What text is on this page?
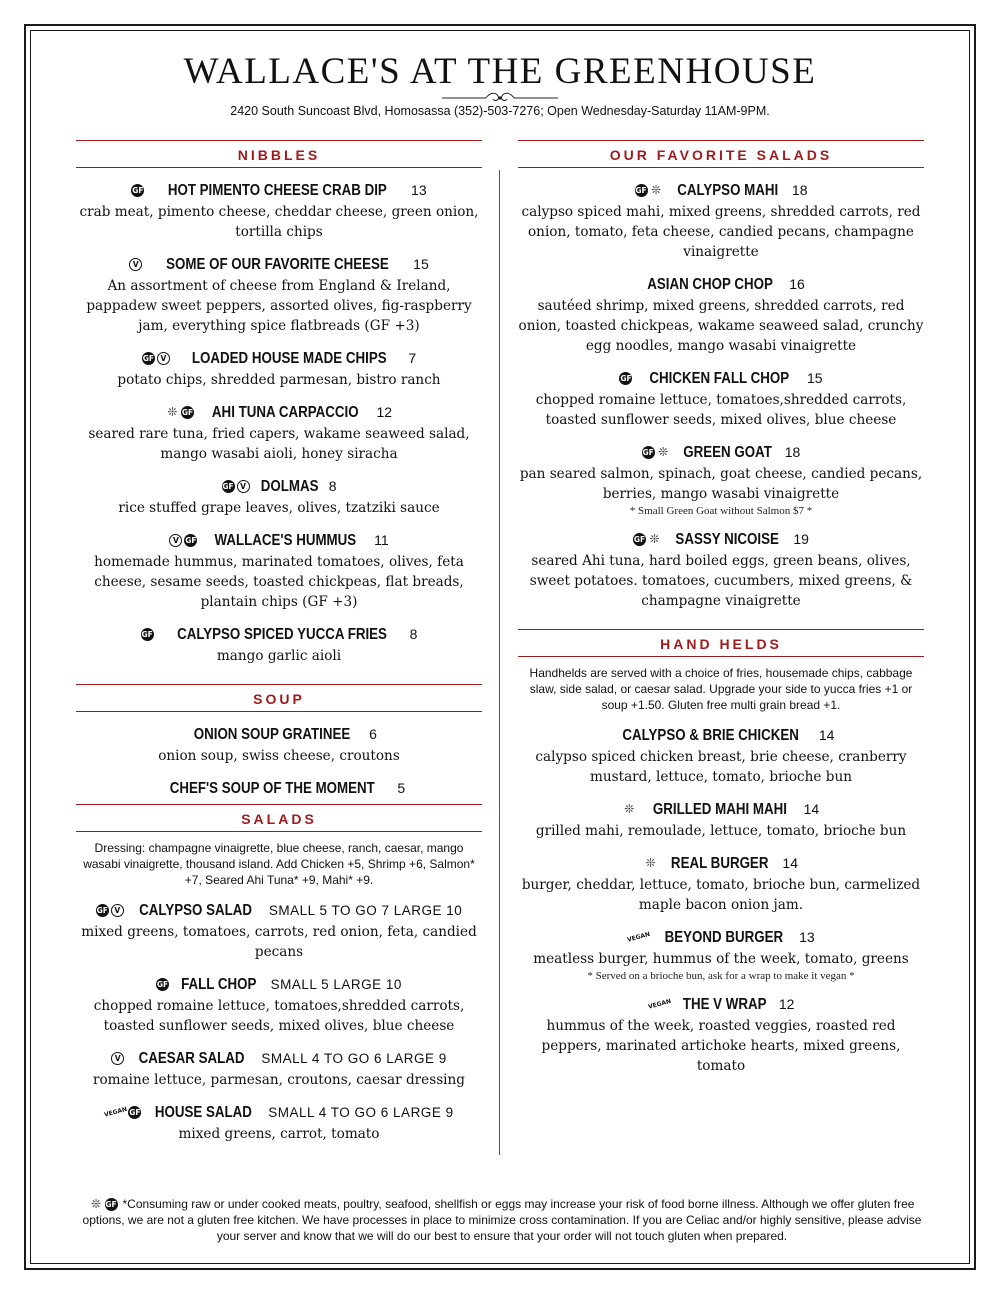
WALLACE'S AT THE GREENHOUSE
2420 South Suncoast Blvd, Homosassa (352)-503-7276; Open Wednesday-Saturday 11AM-9PM.
NIBBLES
GF HOT PIMENTO CHEESE CRAB DIP 13
crab meat, pimento cheese, cheddar cheese, green onion, tortilla chips
V SOME OF OUR FAVORITE CHEESE 15
An assortment of cheese from England & Ireland, pappadew sweet peppers, assorted olives, fig-raspberry jam, everything spice flatbreads (GF +3)
GF V LOADED HOUSE MADE CHIPS 7
potato chips, shredded parmesan, bistro ranch
❊ GF AHI TUNA CARPACCIO 12
seared rare tuna, fried capers, wakame seaweed salad, mango wasabi aioli, honey siracha
GF V DOLMAS 8
rice stuffed grape leaves, olives, tzatziki sauce
V GF WALLACE'S HUMMUS 11
homemade hummus, marinated tomatoes, olives, feta cheese, sesame seeds, toasted chickpeas, flat breads, plantain chips (GF +3)
GF CALYPSO SPICED YUCCA FRIES 8
mango garlic aioli
SOUP
ONION SOUP GRATINEE 6
onion soup, swiss cheese, croutons
CHEF'S SOUP OF THE MOMENT 5
SALADS
Dressing: champagne vinaigrette, blue cheese, ranch, caesar, mango wasabi vinaigrette, thousand island. Add Chicken +5, Shrimp +6, Salmon* +7, Seared Ahi Tuna* +9, Mahi* +9.
GF V CALYPSO SALAD SMALL 5 TO GO 7 LARGE 10
mixed greens, tomatoes, carrots, red onion, feta, candied pecans
GF FALL CHOP SMALL 5 LARGE 10
chopped romaine lettuce, tomatoes,shredded carrots, toasted sunflower seeds, mixed olives, blue cheese
V CAESAR SALAD SMALL 4 TO GO 6 LARGE 9
romaine lettuce, parmesan, croutons, caesar dressing
VEGANGF HOUSE SALAD SMALL 4 TO GO 6 LARGE 9
mixed greens, carrot, tomato
OUR FAVORITE SALADS
GF ❊ CALYPSO MAHI 18
calypso spiced mahi, mixed greens, shredded carrots, red onion, tomato, feta cheese, candied pecans, champagne vinaigrette
ASIAN CHOP CHOP 16
sautéed shrimp, mixed greens, shredded carrots, red onion, toasted chickpeas, wakame seaweed salad, crunchy egg noodles, mango wasabi vinaigrette
GF CHICKEN FALL CHOP 15
chopped romaine lettuce, tomatoes,shredded carrots, toasted sunflower seeds, mixed olives, blue cheese
GF ❊ GREEN GOAT 18
pan seared salmon, spinach, goat cheese, candied pecans, berries, mango wasabi vinaigrette
* Small Green Goat without Salmon $7 *
GF ❊ SASSY NICOISE 19
seared Ahi tuna, hard boiled eggs, green beans, olives, sweet potatoes. tomatoes, cucumbers, mixed greens, & champagne vinaigrette
HAND HELDS
Handhelds are served with a choice of fries, housemade chips, cabbage slaw, side salad, or caesar salad. Upgrade your side to yucca fries +1 or soup +1.50. Gluten free multi grain bread +1.
CALYPSO & BRIE CHICKEN 14
calypso spiced chicken breast, brie cheese, cranberry mustard, lettuce, tomato, brioche bun
❊ GRILLED MAHI MAHI 14
grilled mahi, remoulade, lettuce, tomato, brioche bun
❊ REAL BURGER 14
burger, cheddar, lettuce, tomato, brioche bun, carmelized maple bacon onion jam.
VEGAN BEYOND BURGER 13
meatless burger, hummus of the week, tomato, greens
* Served on a brioche bun, ask for a wrap to make it vegan *
VEGAN THE V WRAP 12
hummus of the week, roasted veggies, roasted red peppers, marinated artichoke hearts, mixed greens, tomato
❊ GF *Consuming raw or under cooked meats, poultry, seafood, shellfish or eggs may increase your risk of food borne illness. Although we offer gluten free options, we are not a gluten free kitchen. We have processes in place to minimize cross contamination. If you are Celiac and/or highly sensitive, please advise your server and know that we will do our best to ensure that your order will not touch gluten when prepared.
